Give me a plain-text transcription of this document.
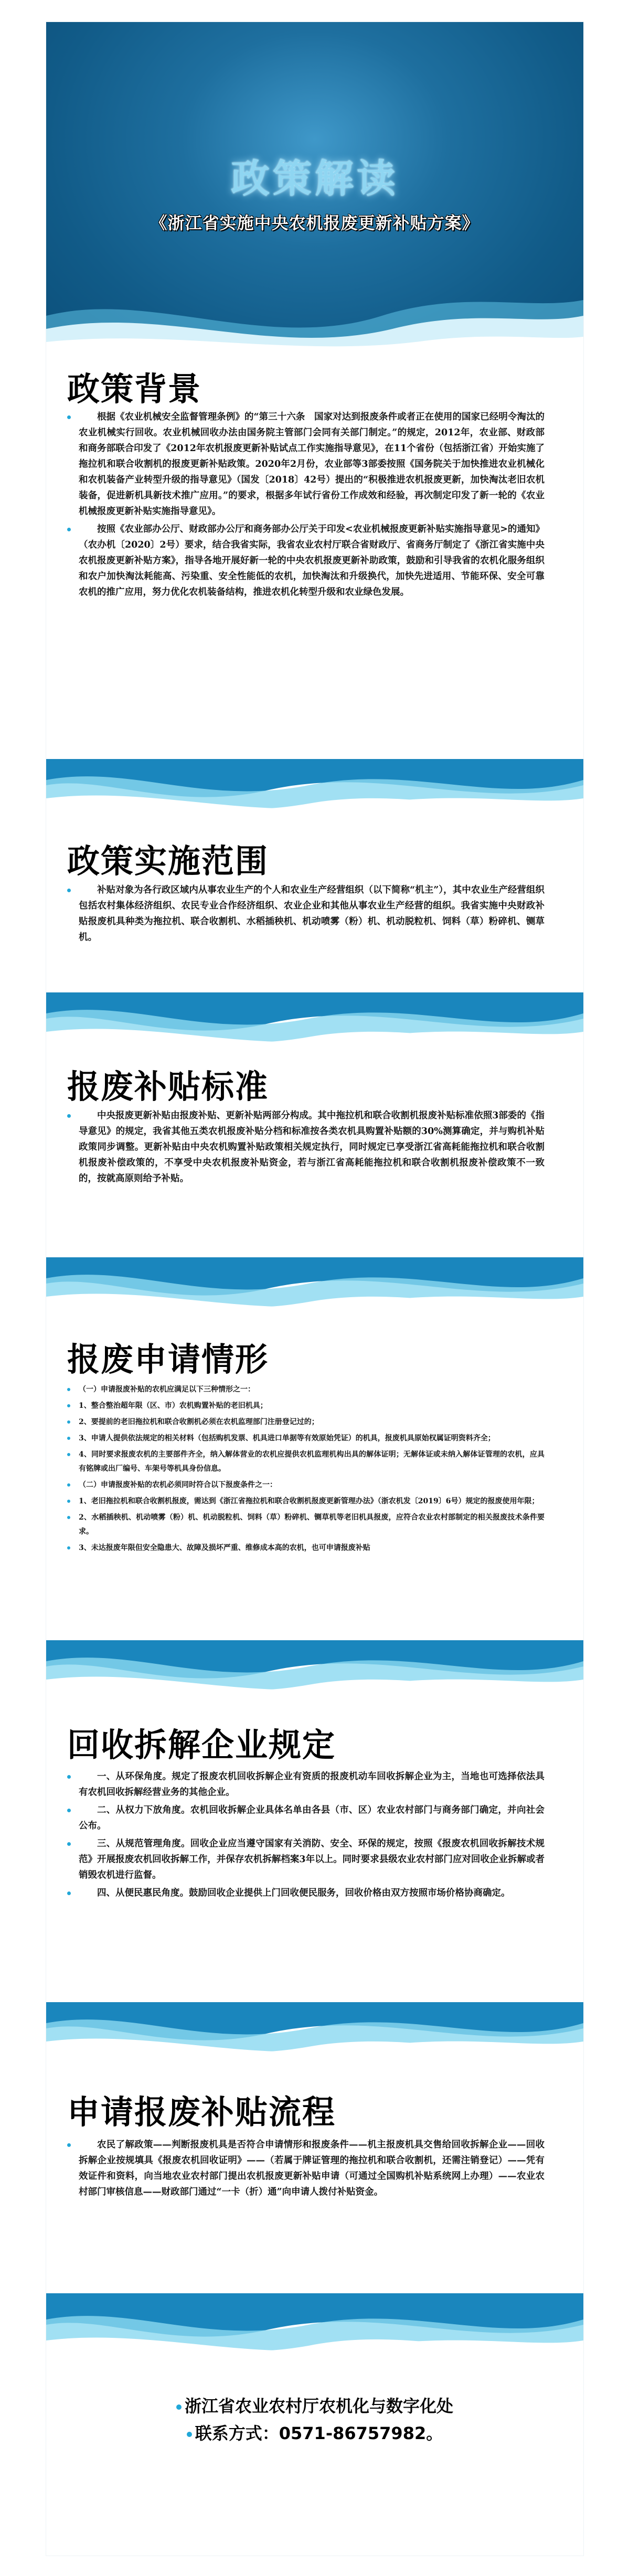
政策解读
《浙江省实施中央农机报废更新补贴方案》
政策背景

根据《农业机械安全监督管理条例》的“第三十六条　国家对达到报废条件或者正在使用的国家已经明令淘汰的农业机械实行回收。农业机械回收办法由国务院主管部门会同有关部门制定。”的规定，2012年，农业部、财政部和商务部联合印发了《2012年农机报废更新补贴试点工作实施指导意见》，在11个省份（包括浙江省）开始实施了拖拉机和联合收割机的报废更新补贴政策。2020年2月份，农业部等3部委按照《国务院关于加快推进农业机械化和农机装备产业转型升级的指导意见》（国发〔2018〕42号）提出的“积极推进农机报废更新，加快淘汰老旧农机装备，促进新机具新技术推广应用。”的要求，根据多年试行省份工作成效和经验，再次制定印发了新一轮的《农业机械报废更新补贴实施指导意见》。

按照《农业部办公厅、财政部办公厅和商务部办公厅关于印发<农业机械报废更新补贴实施指导意见>的通知》（农办机〔2020〕2号）要求，结合我省实际，我省农业农村厅联合省财政厅、省商务厅制定了《浙江省实施中央农机报废更新补贴方案》，指导各地开展好新一轮的中央农机报废更新补助政策，鼓励和引导我省的农机化服务组织和农户加快淘汰耗能高、污染重、安全性能低的农机，加快淘汰和升级换代，加快先进适用、节能环保、安全可靠农机的推广应用，努力优化农机装备结构，推进农机化转型升级和农业绿色发展。

政策实施范围

补贴对象为各行政区域内从事农业生产的个人和农业生产经营组织（以下简称“机主”），其中农业生产经营组织包括农村集体经济组织、农民专业合作经济组织、农业企业和其他从事农业生产经营的组织。我省实施中央财政补贴报废机具种类为拖拉机、联合收割机、水稻插秧机、机动喷雾（粉）机、机动脱粒机、饲料（草）粉碎机、铡草机。

报废补贴标准

中央报废更新补贴由报废补贴、更新补贴两部分构成。其中拖拉机和联合收割机报废补贴标准依照3部委的《指导意见》的规定，我省其他五类农机报废补贴分档和标准按各类农机具购置补贴额的30%测算确定，并与购机补贴政策同步调整。更新补贴由中央农机购置补贴政策相关规定执行，同时规定已享受浙江省高耗能拖拉机和联合收割机报废补偿政策的，不享受中央农机报废补贴资金，若与浙江省高耗能拖拉机和联合收割机报废补偿政策不一致的，按就高原则给予补贴。

报废申请情形

（一）申请报废补贴的农机应满足以下三种情形之一：

1、整合整治超年限（区、市）农机购置补贴的老旧机具；

2、要提前的老旧拖拉机和联合收割机必须在农机监理部门注册登记过的；

3、申请人提供依法规定的相关材料（包括购机发票、机具进口单据等有效原始凭证）的机具，报废机具原始权属证明资料齐全；

4、同时要求报废农机的主要部件齐全，纳入解体营业的农机应提供农机监理机构出具的解体证明；无解体证或未纳入解体证管理的农机，应具有铭牌或出厂编号、车架号等机具身份信息。

（二）申请报废补贴的农机必须同时符合以下报废条件之一：

1、老旧拖拉机和联合收割机报废，需达到《浙江省拖拉机和联合收割机报废更新管理办法》（浙农机发〔2019〕6号）规定的报废使用年限；

2、水稻插秧机、机动喷雾（粉）机、机动脱粒机、饲料（草）粉碎机、铡草机等老旧机具报废，应符合农业农村部制定的相关报废技术条件要求。

3、未达报废年限但安全隐患大、故障及损坏严重、维修成本高的农机，也可申请报废补贴

回收拆解企业规定

一、从环保角度。规定了报废农机回收拆解企业有资质的报废机动车回收拆解企业为主，当地也可选择依法具有农机回收拆解经营业务的其他企业。

二、从权力下放角度。农机回收拆解企业具体名单由各县（市、区）农业农村部门与商务部门确定，并向社会公布。

三、从规范管理角度。回收企业应当遵守国家有关消防、安全、环保的规定，按照《报废农机回收拆解技术规范》开展报废农机回收拆解工作，并保存农机拆解档案3年以上。同时要求县级农业农村部门应对回收企业拆解或者销毁农机进行监督。

四、从便民惠民角度。鼓励回收企业提供上门回收便民服务，回收价格由双方按照市场价格协商确定。

申请报废补贴流程

农民了解政策——判断报废机具是否符合申请情形和报废条件——机主报废机具交售给回收拆解企业——回收拆解企业按规填具《报废农机回收证明》——（若属于牌证管理的拖拉机和联合收割机，还需注销登记）——凭有效证件和资料，向当地农业农村部门提出农机报废更新补贴申请（可通过全国购机补贴系统网上办理）——农业农村部门审核信息——财政部门通过“一卡（折）通”向申请人拨付补贴资金。

浙江省农业农村厅农机化与数字化处
联系方式：0571-86757982。
